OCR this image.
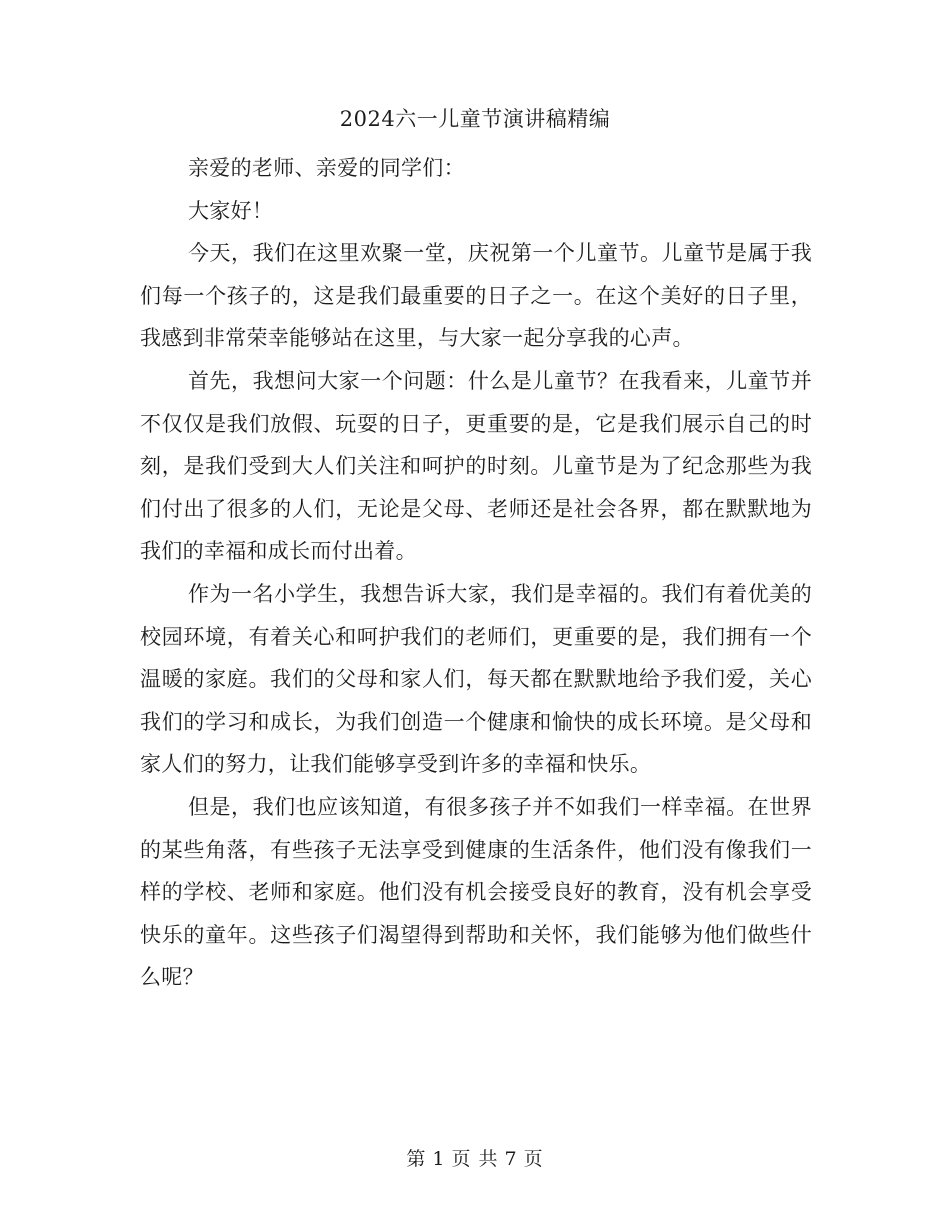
2024六一儿童节演讲稿精编

亲爱的老师、亲爱的同学们：

大家好！

今天，我们在这里欢聚一堂，庆祝第一个儿童节。儿童节是属于我们每一个孩子的，这是我们最重要的日子之一。在这个美好的日子里，我感到非常荣幸能够站在这里，与大家一起分享我的心声。

首先，我想问大家一个问题：什么是儿童节？在我看来，儿童节并不仅仅是我们放假、玩耍的日子，更重要的是，它是我们展示自己的时刻，是我们受到大人们关注和呵护的时刻。儿童节是为了纪念那些为我们付出了很多的人们，无论是父母、老师还是社会各界，都在默默地为我们的幸福和成长而付出着。

作为一名小学生，我想告诉大家，我们是幸福的。我们有着优美的校园环境，有着关心和呵护我们的老师们，更重要的是，我们拥有一个温暖的家庭。我们的父母和家人们，每天都在默默地给予我们爱，关心我们的学习和成长，为我们创造一个健康和愉快的成长环境。是父母和家人们的努力，让我们能够享受到许多的幸福和快乐。

但是，我们也应该知道，有很多孩子并不如我们一样幸福。在世界的某些角落，有些孩子无法享受到健康的生活条件，他们没有像我们一样的学校、老师和家庭。他们没有机会接受良好的教育，没有机会享受快乐的童年。这些孩子们渴望得到帮助和关怀，我们能够为他们做些什么呢？

第 1 页 共 7 页
